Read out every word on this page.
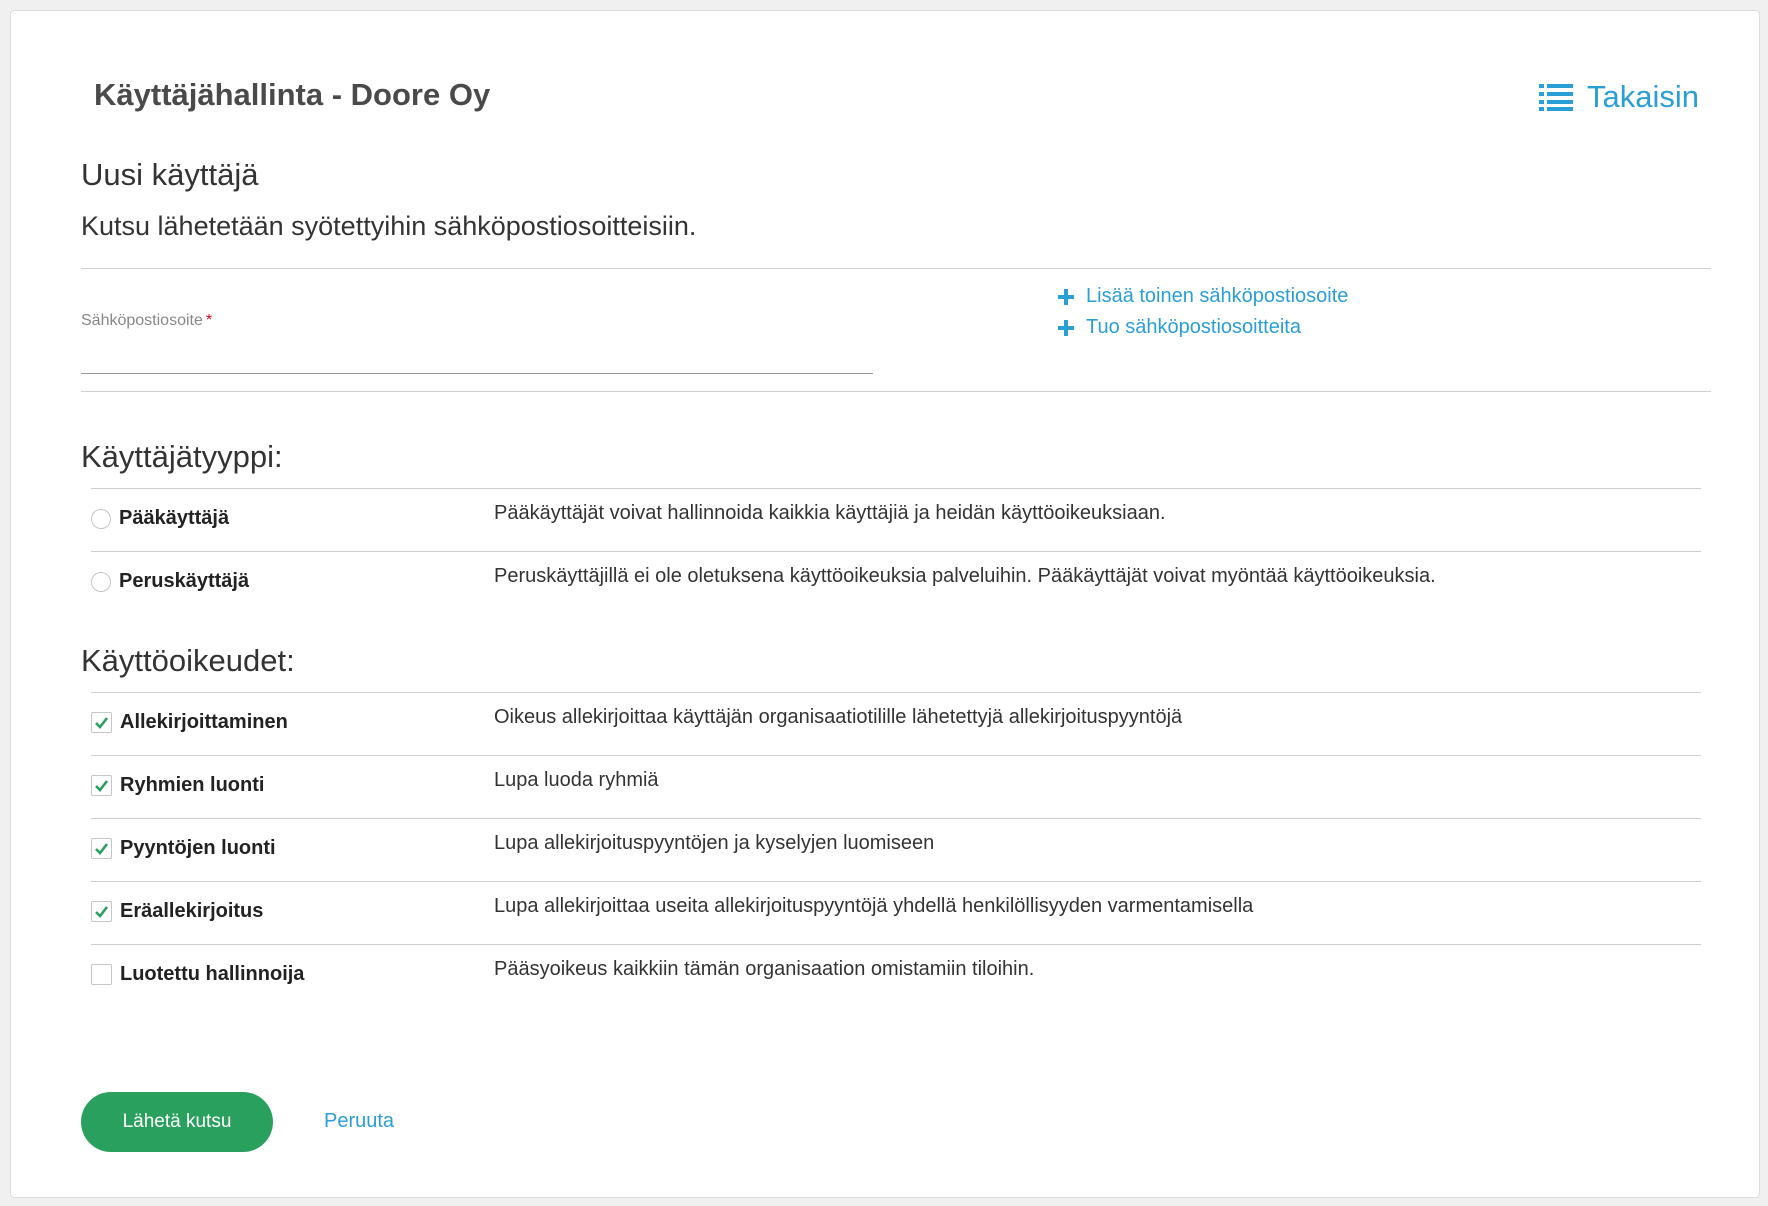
Käyttäjähallinta - Doore Oy	Takaisin
Uusi käyttäjä

Kutsu lähetetään syötettyihin sähköpostiosoitteisiin.

Sähköpostiosoite *
Lisää toinen sähköpostiosoite
Tuo sähköpostiosoitteita
Käyttäjätyyppi:
Pääkäyttäjä	Pääkäyttäjät voivat hallinnoida kaikkia käyttäjiä ja heidän käyttöoikeuksiaan.
Peruskäyttäjä	Peruskäyttäjillä ei ole oletuksena käyttöoikeuksia palveluihin. Pääkäyttäjät voivat myöntää käyttöoikeuksia.
Käyttöoikeudet:
Allekirjoittaminen	Oikeus allekirjoittaa käyttäjän organisaatiotilille lähetettyjä allekirjoituspyyntöjä
Ryhmien luonti	Lupa luoda ryhmiä
Pyyntöjen luonti	Lupa allekirjoituspyyntöjen ja kyselyjen luomiseen
Eräallekirjoitus	Lupa allekirjoittaa useita allekirjoituspyyntöjä yhdellä henkilöllisyyden varmentamisella
Luotettu hallinnoija	Pääsyoikeus kaikkiin tämän organisaation omistamiin tiloihin.
Lähetä kutsu	Peruuta
